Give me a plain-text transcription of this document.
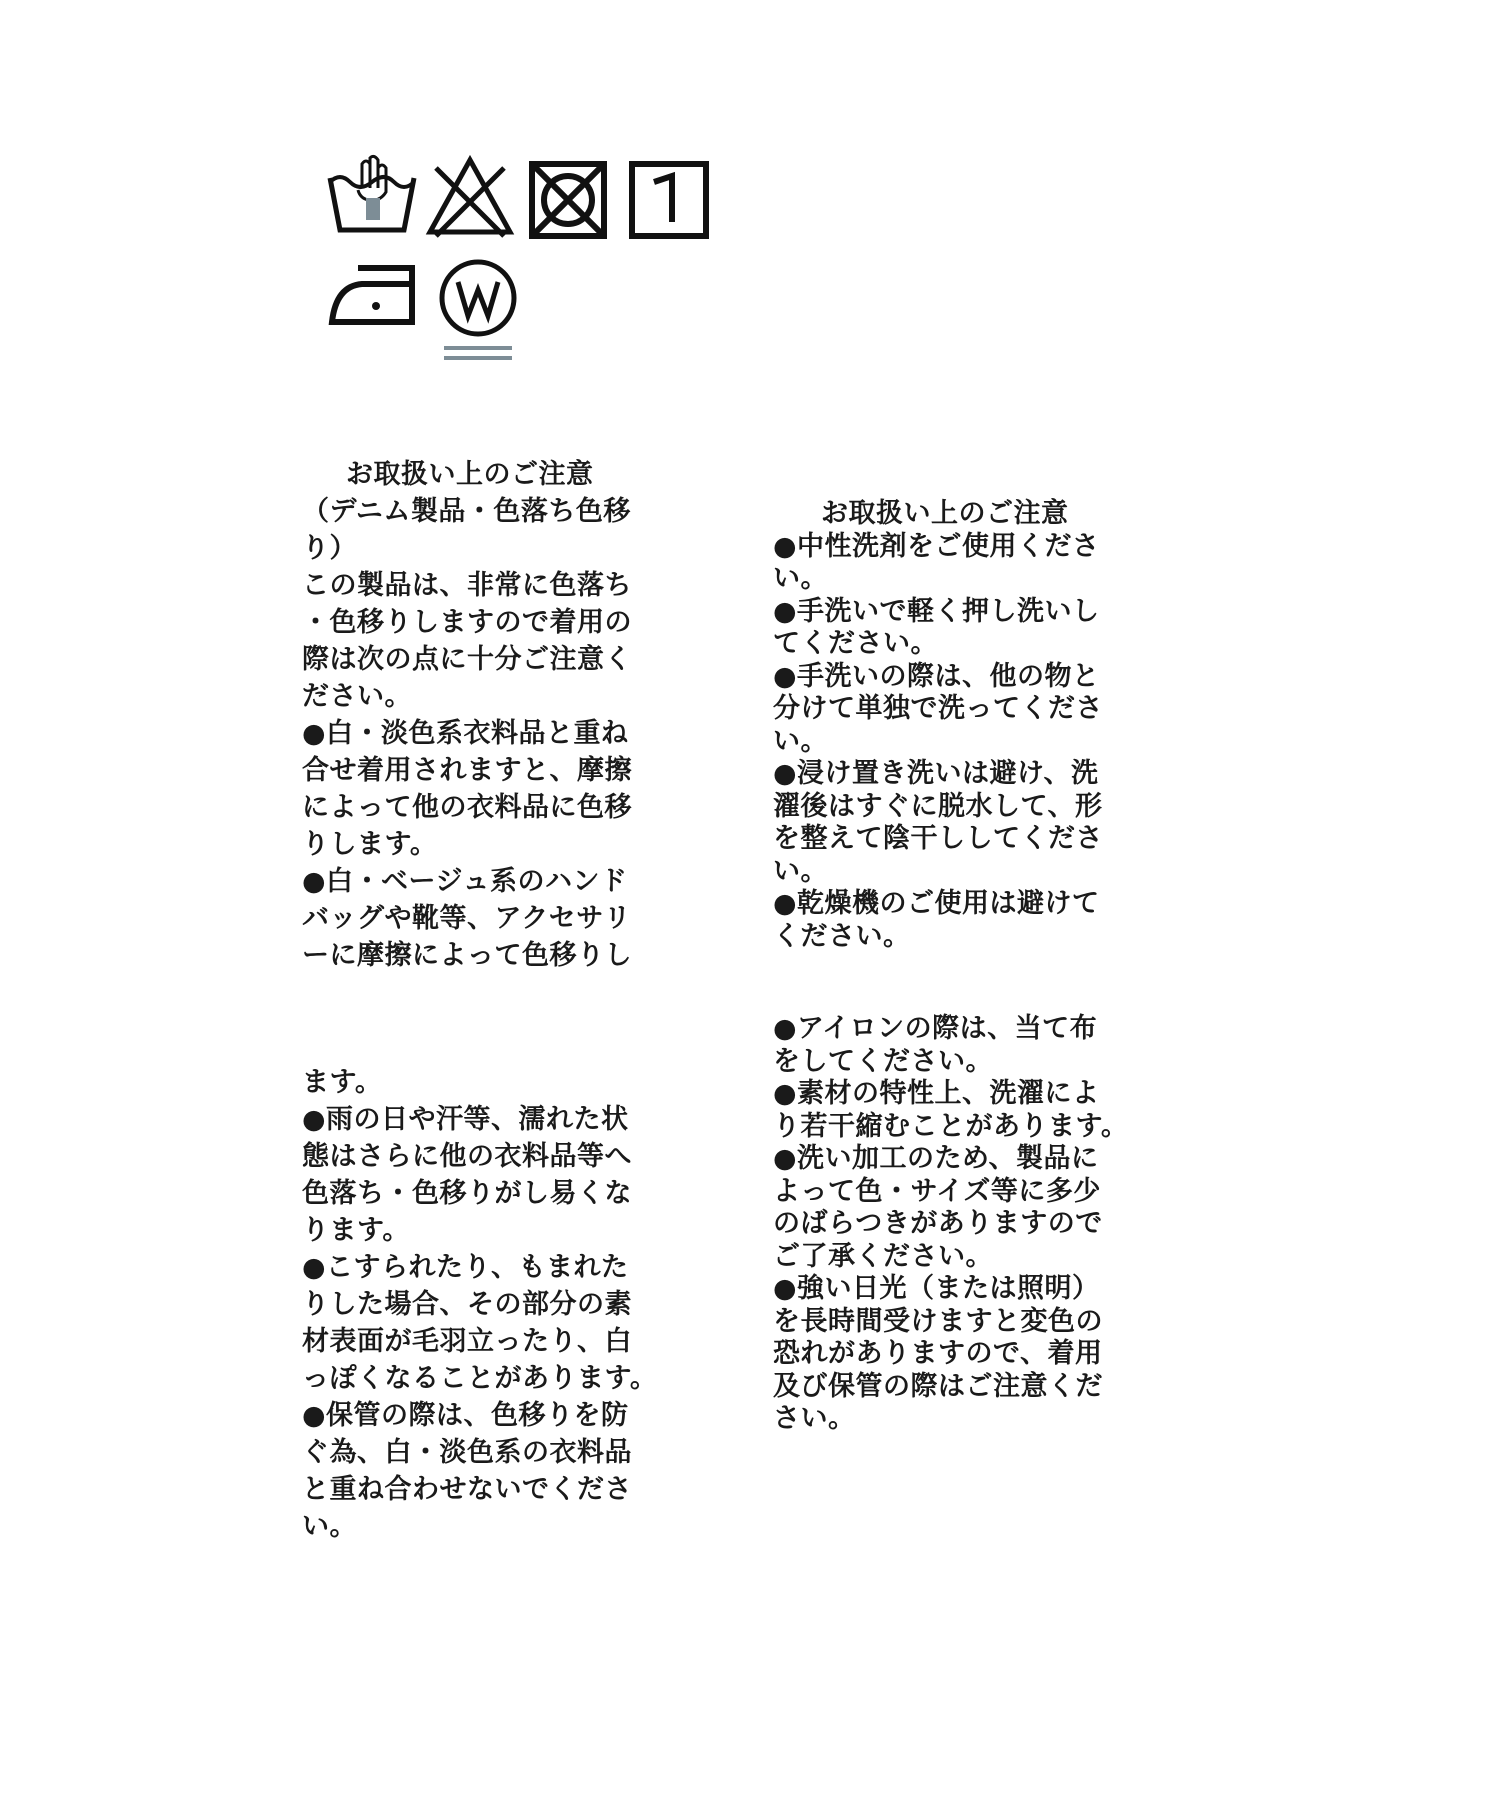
お取扱い上のご注意

（デニム製品・色落ち色移

り）

この製品は、非常に色落ち

・色移りしますので着用の

際は次の点に十分ご注意く

ださい。

●白・淡色系衣料品と重ね

合せ着用されますと、摩擦

によって他の衣料品に色移

りします。

●白・ベージュ系のハンド

バッグや靴等、アクセサリ

ーに摩擦によって色移りし

ます。

●雨の日や汗等、濡れた状

態はさらに他の衣料品等へ

色落ち・色移りがし易くな

ります。

●こすられたり、もまれた

りした場合、その部分の素

材表面が毛羽立ったり、白

っぽくなることがあります。

●保管の際は、色移りを防

ぐ為、白・淡色系の衣料品

と重ね合わせないでくださ

い。

お取扱い上のご注意

●中性洗剤をご使用くださ

い。

●手洗いで軽く押し洗いし

てください。

●手洗いの際は、他の物と

分けて単独で洗ってくださ

い。

●浸け置き洗いは避け、洗

濯後はすぐに脱水して、形

を整えて陰干ししてくださ

い。

●乾燥機のご使用は避けて

ください。

●アイロンの際は、当て布

をしてください。

●素材の特性上、洗濯によ

り若干縮むことがあります。

●洗い加工のため、製品に

よって色・サイズ等に多少

のばらつきがありますので

ご了承ください。

●強い日光（または照明）

を長時間受けますと変色の

恐れがありますので、着用

及び保管の際はご注意くだ

さい。
